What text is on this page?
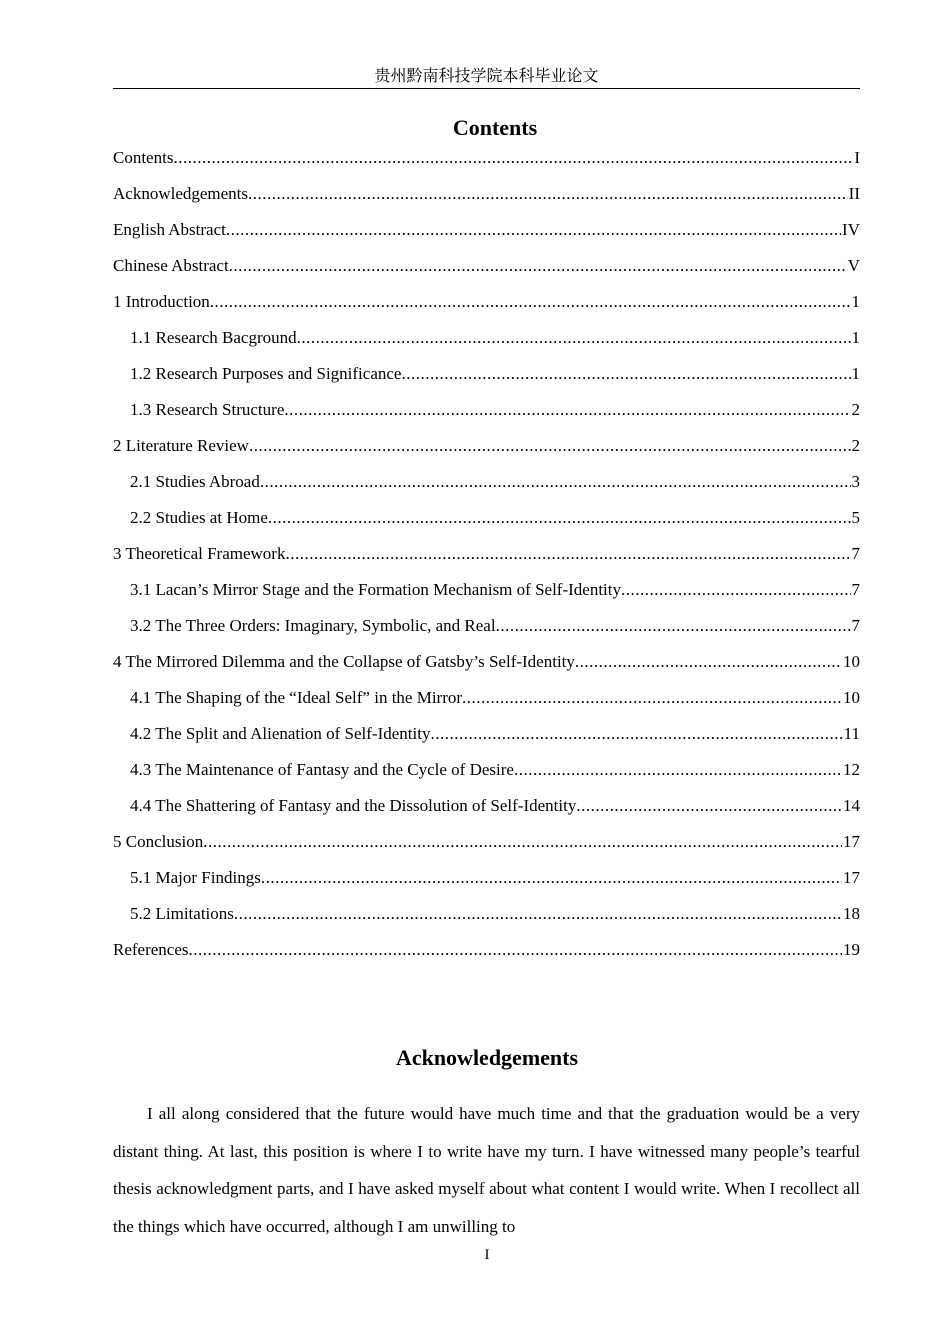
贵州黔南科技学院本科毕业论文
Contents
Contents .....	I
Acknowledgements .....	II
English Abstract .....	IV
Chinese Abstract .....	V
1 Introduction .....	1
1.1 Research Bacground .....	1
1.2 Research Purposes and Significance .....	1
1.3 Research Structure .....	2
2 Literature Review .....	2
2.1 Studies Abroad .....	3
2.2 Studies at Home .....	5
3 Theoretical Framework .....	7
3.1 Lacan’s Mirror Stage and the Formation Mechanism of Self-Identity .....	7
3.2 The Three Orders: Imaginary, Symbolic, and Real .....	7
4 The Mirrored Dilemma and the Collapse of Gatsby’s Self-Identity .....	10
4.1 The Shaping of the “Ideal Self” in the Mirror .....	10
4.2 The Split and Alienation of Self-Identity .....	11
4.3 The Maintenance of Fantasy and the Cycle of Desire .....	12
4.4 The Shattering of Fantasy and the Dissolution of Self-Identity .....	14
5 Conclusion .....	17
5.1 Major Findings .....	17
5.2 Limitations .....	18
References .....	19
Acknowledgements

I all along considered that the future would have much time and that the graduation would be a very distant thing. At last, this position is where I to write have my turn. I have witnessed many people’s tearful thesis acknowledgment parts, and I have asked myself about what content I would write. When I recollect all the things which have occurred, although I am unwilling to

I
